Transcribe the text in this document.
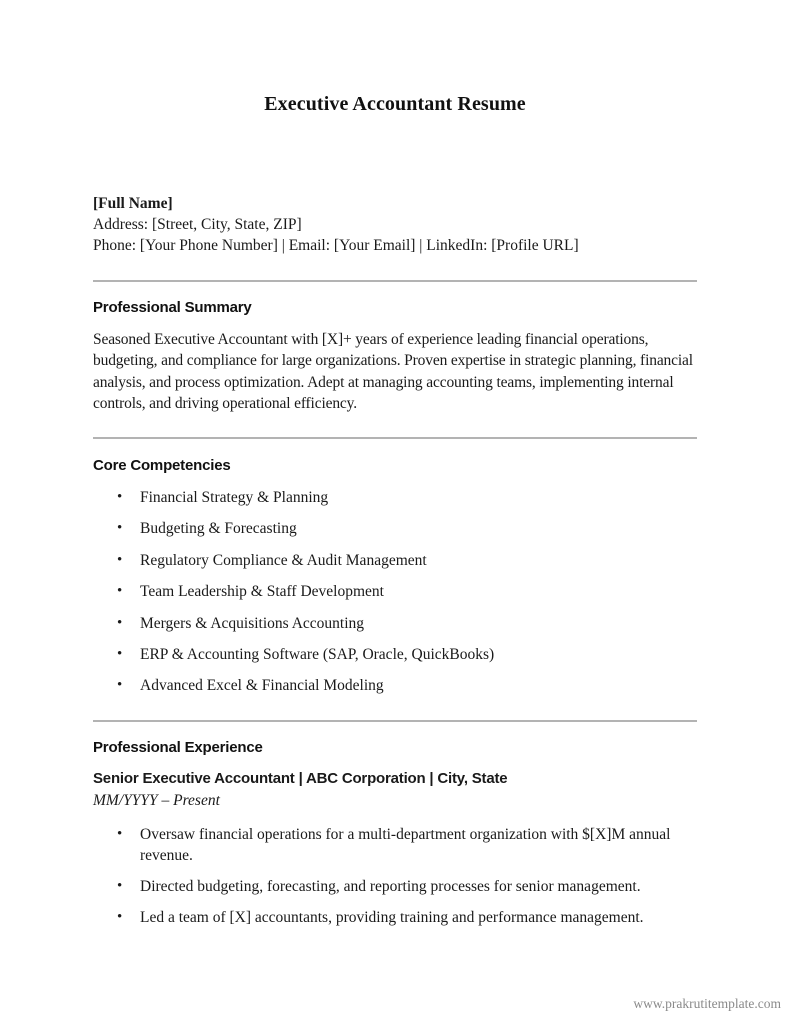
Executive Accountant Resume
[Full Name]
Address: [Street, City, State, ZIP]
Phone: [Your Phone Number] | Email: [Your Email] | LinkedIn: [Profile URL]
Professional Summary

Seasoned Executive Accountant with [X]+ years of experience leading financial operations, budgeting, and compliance for large organizations. Proven expertise in strategic planning, financial analysis, and process optimization. Adept at managing accounting teams, implementing internal controls, and driving operational efficiency.

Core Competencies
• Financial Strategy & Planning
• Budgeting & Forecasting
• Regulatory Compliance & Audit Management
• Team Leadership & Staff Development
• Mergers & Acquisitions Accounting
• ERP & Accounting Software (SAP, Oracle, QuickBooks)
• Advanced Excel & Financial Modeling
Professional Experience
Senior Executive Accountant | ABC Corporation | City, State
MM/YYYY – Present
• Oversaw financial operations for a multi-department organization with $[X]M annual revenue.
• Directed budgeting, forecasting, and reporting processes for senior management.
• Led a team of [X] accountants, providing training and performance management.
www.prakrutitemplate.com
